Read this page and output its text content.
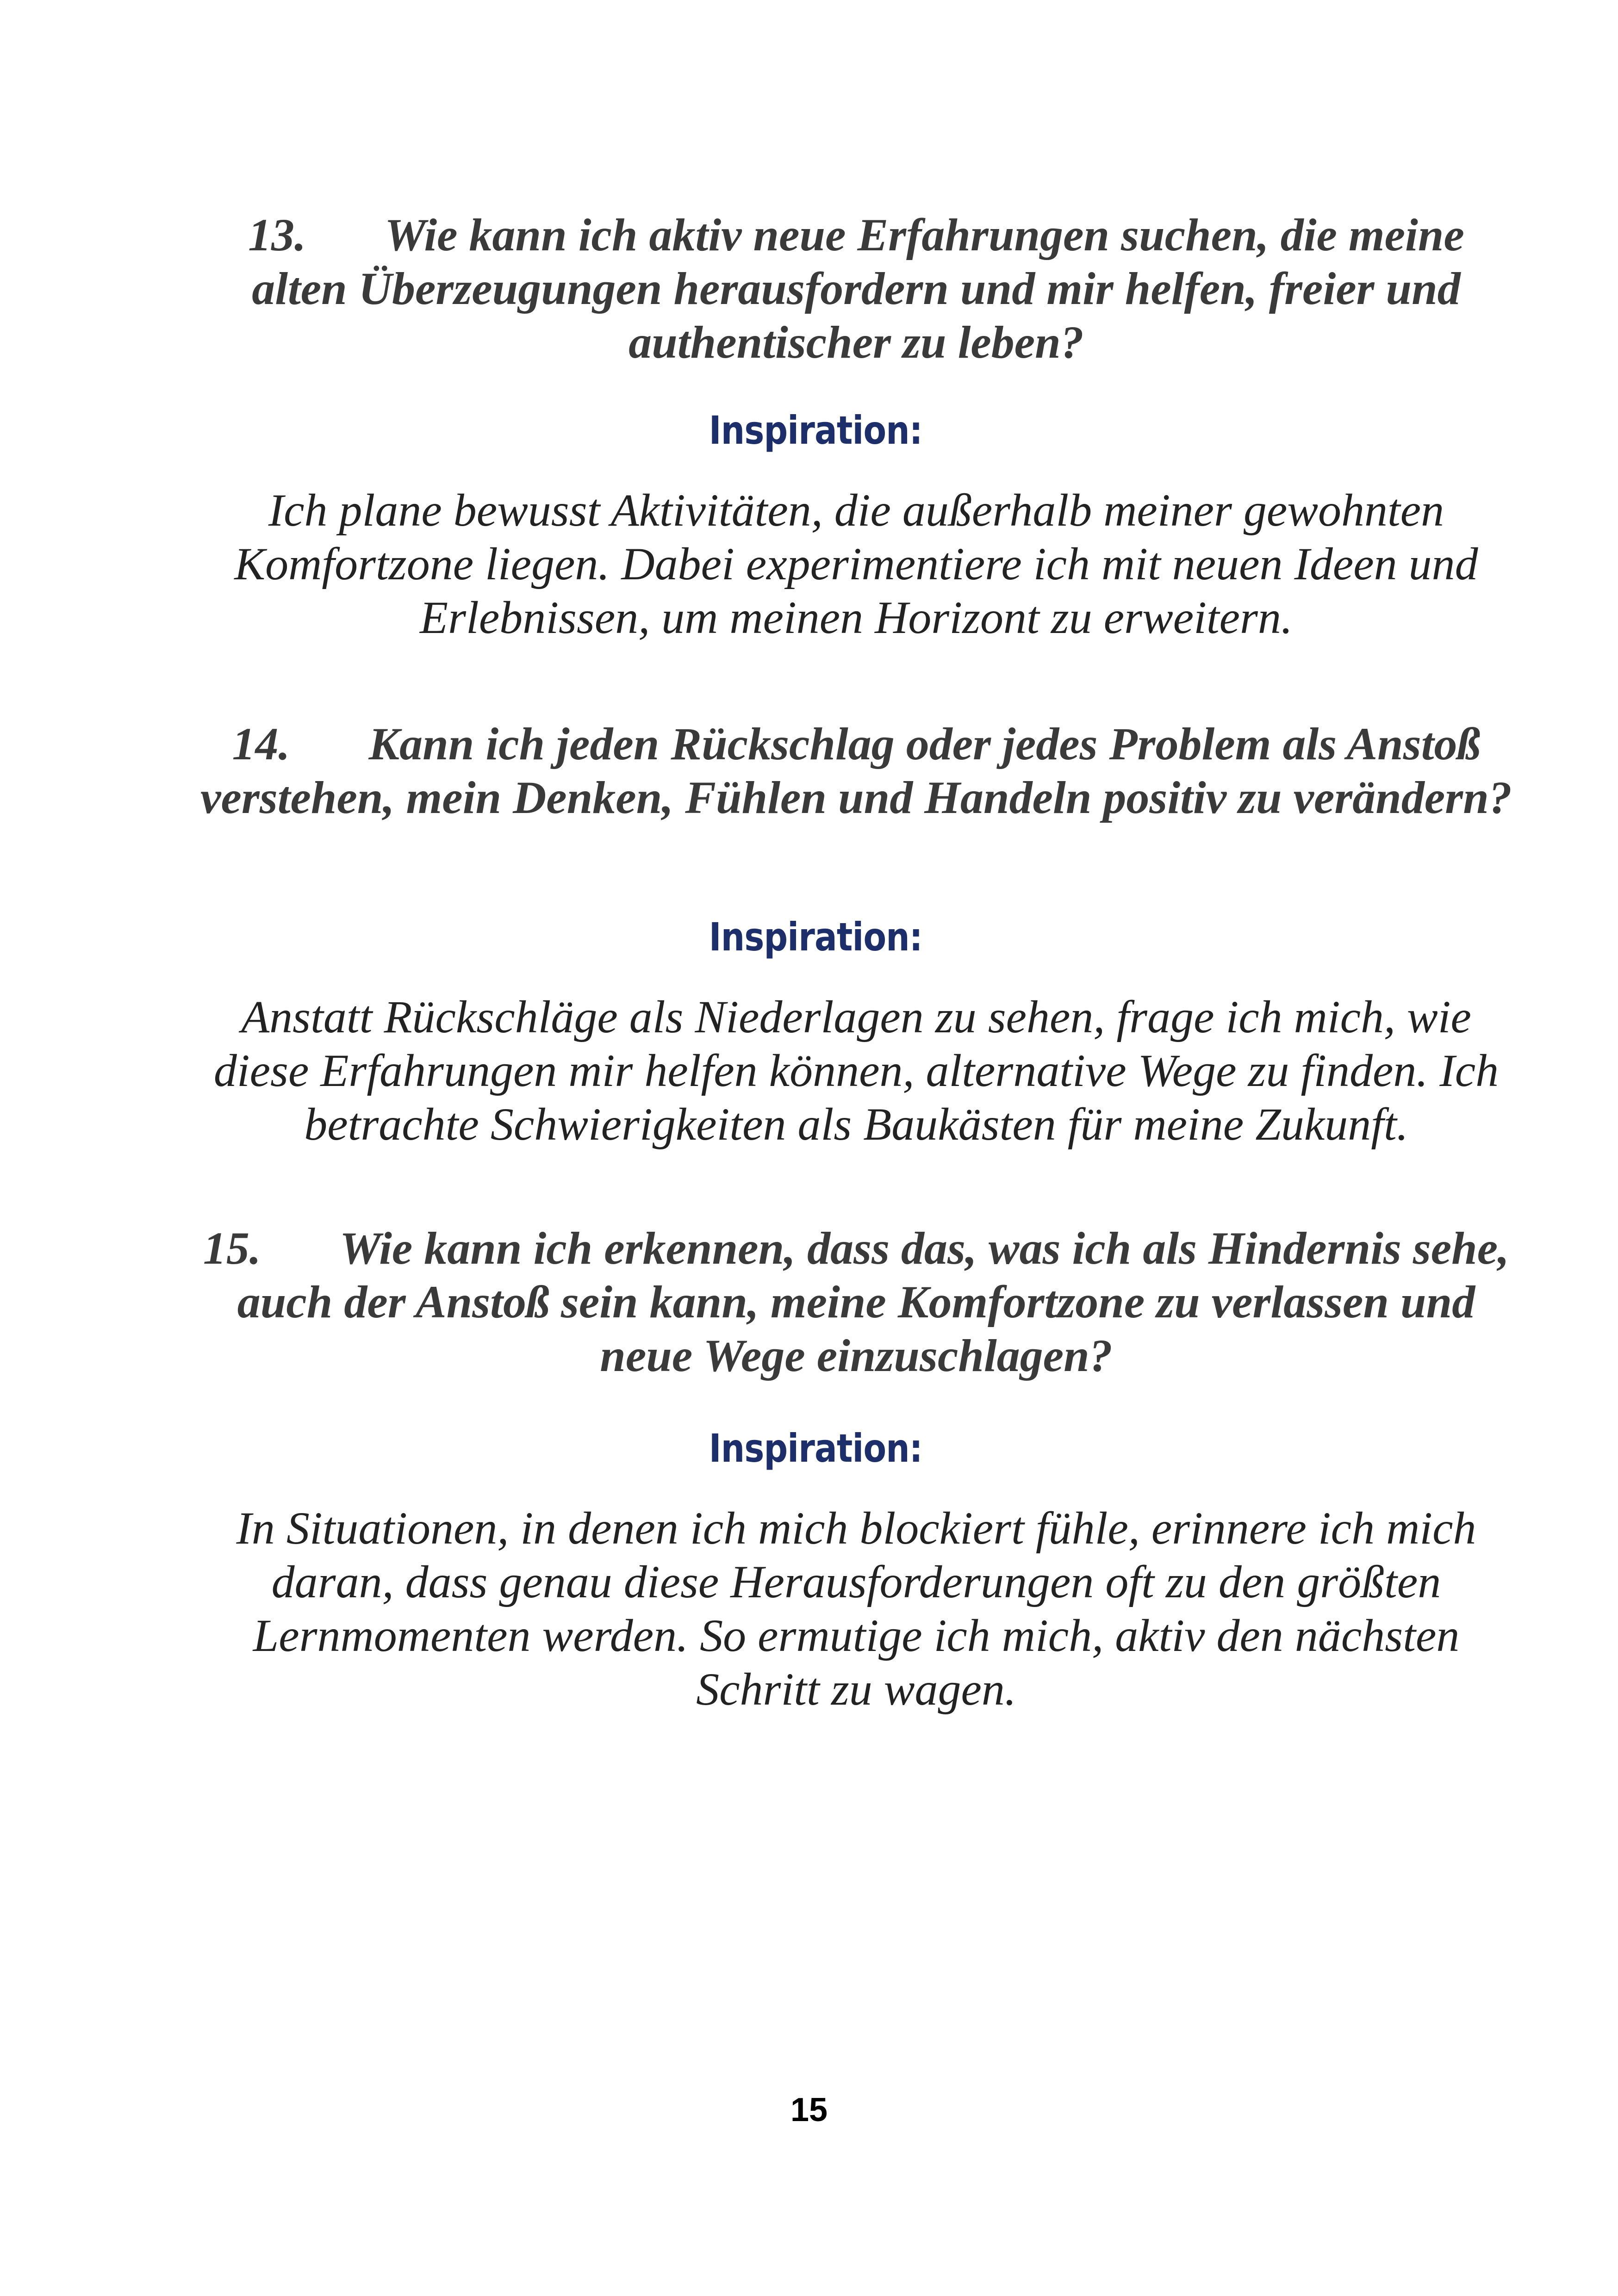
13. Wie kann ich aktiv neue Erfahrungen suchen, die meine alten Überzeugungen herausfordern und mir helfen, freier und authentischer zu leben?
Inspiration:
Ich plane bewusst Aktivitäten, die außerhalb meiner gewohnten Komfortzone liegen. Dabei experimentiere ich mit neuen Ideen und Erlebnissen, um meinen Horizont zu erweitern.
14. Kann ich jeden Rückschlag oder jedes Problem als Anstoß verstehen, mein Denken, Fühlen und Handeln positiv zu verändern?
Inspiration:
Anstatt Rückschläge als Niederlagen zu sehen, frage ich mich, wie diese Erfahrungen mir helfen können, alternative Wege zu finden. Ich betrachte Schwierigkeiten als Baukästen für meine Zukunft.
15. Wie kann ich erkennen, dass das, was ich als Hindernis sehe, auch der Anstoß sein kann, meine Komfortzone zu verlassen und neue Wege einzuschlagen?
Inspiration:
In Situationen, in denen ich mich blockiert fühle, erinnere ich mich daran, dass genau diese Herausforderungen oft zu den größten Lernmomenten werden. So ermutige ich mich, aktiv den nächsten Schritt zu wagen.
15
